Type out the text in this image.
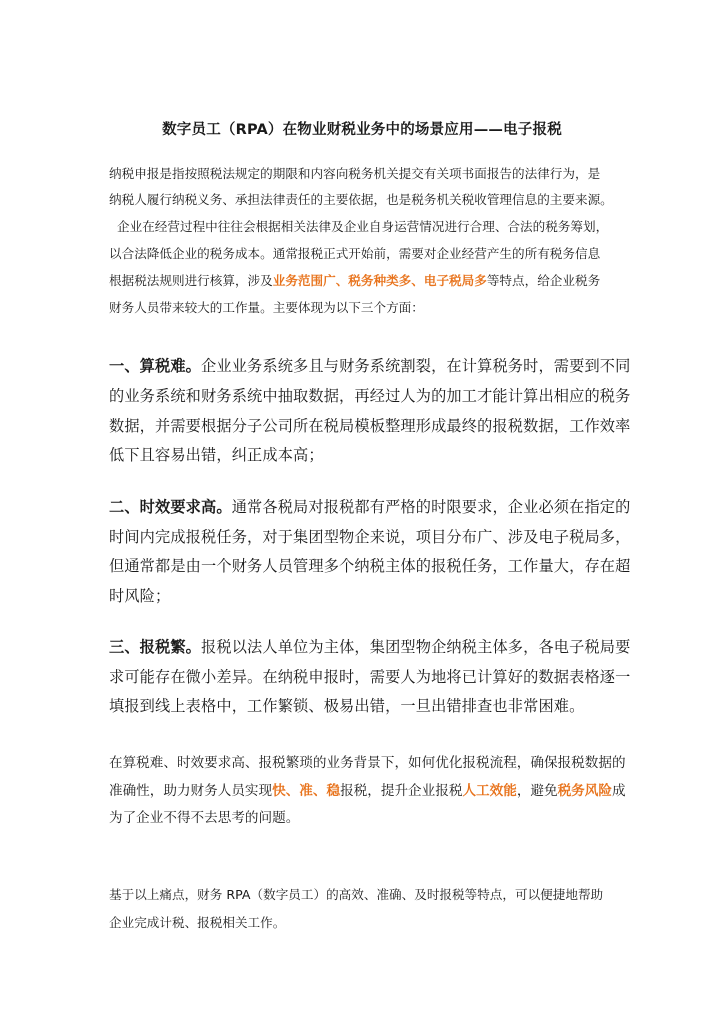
数字员工（RPA）在物业财税业务中的场景应用——电子报税
纳税申报是指按照税法规定的期限和内容向税务机关提交有关项书面报告的法律行为，是
纳税人履行纳税义务、承担法律责任的主要依据，也是税务机关税收管理信息的主要来源。
企业在经营过程中往往会根据相关法律及企业自身运营情况进行合理、合法的税务筹划，
以合法降低企业的税务成本。通常报税正式开始前，需要对企业经营产生的所有税务信息
根据税法规则进行核算，涉及业务范围广、税务种类多、电子税局多等特点，给企业税务
财务人员带来较大的工作量。主要体现为以下三个方面：
一、算税难。企业业务系统多且与财务系统割裂，在计算税务时，需要到不同
的业务系统和财务系统中抽取数据，再经过人为的加工才能计算出相应的税务
数据，并需要根据分子公司所在税局模板整理形成最终的报税数据，工作效率
低下且容易出错，纠正成本高；
二、时效要求高。通常各税局对报税都有严格的时限要求，企业必须在指定的
时间内完成报税任务，对于集团型物企来说，项目分布广、涉及电子税局多，
但通常都是由一个财务人员管理多个纳税主体的报税任务，工作量大，存在超
时风险；
三、报税繁。报税以法人单位为主体，集团型物企纳税主体多，各电子税局要
求可能存在微小差异。在纳税申报时，需要人为地将已计算好的数据表格逐一
填报到线上表格中，工作繁锁、极易出错，一旦出错排查也非常困难。
在算税难、时效要求高、报税繁琐的业务背景下，如何优化报税流程，确保报税数据的
准确性，助力财务人员实现快、准、稳报税，提升企业报税人工效能，避免税务风险成
为了企业不得不去思考的问题。
基于以上痛点，财务 RPA（数字员工）的高效、准确、及时报税等特点，可以便捷地帮助
企业完成计税、报税相关工作。
